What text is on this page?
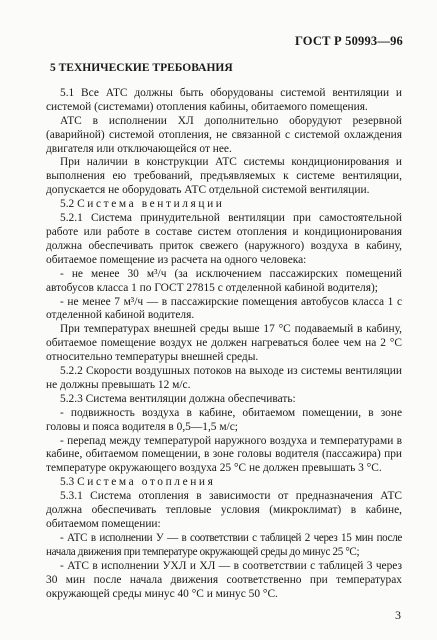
ГОСТ Р 50993—96
5 ТЕХНИЧЕСКИЕ ТРЕБОВАНИЯ

5.1 Все АТС должны быть оборудованы системой вентиляции и системой (системами) отопления кабины, обитаемого помещения.

АТС в исполнении ХЛ дополнительно оборудуют резервной (аварийной) системой отопления, не связанной с системой охлаждения двигателя или отключающейся от нее.

При наличии в конструкции АТС системы кондиционирования и выполнения ею требований, предъявляемых к системе вентиляции, допускается не оборудовать АТС отдельной системой вентиляции.

5.2 Система вентиляции

5.2.1 Система принудительной вентиляции при самостоятельной работе или работе в составе систем отопления и кондиционирования должна обеспечивать приток свежего (наружного) воздуха в кабину, обитаемое помещение из расчета на одного человека:

- не менее 30 м³/ч (за исключением пассажирских помещений автобусов класса 1 по ГОСТ 27815 с отделенной кабиной водителя);

- не менее 7 м³/ч — в пассажирские помещения автобусов класса 1 с отделенной кабиной водителя.

При температурах внешней среды выше 17 °С подаваемый в кабину, обитаемое помещение воздух не должен нагреваться более чем на 2 °С относительно температуры внешней среды.

5.2.2 Скорости воздушных потоков на выходе из системы вентиляции не должны превышать 12 м/с.

5.2.3 Система вентиляции должна обеспечивать:

- подвижность воздуха в кабине, обитаемом помещении, в зоне головы и пояса водителя в 0,5—1,5 м/с;

- перепад между температурой наружного воздуха и температурами в кабине, обитаемом помещении, в зоне головы водителя (пассажира) при температуре окружающего воздуха 25 °С не должен превышать 3 °С.

5.3 Система отопления

5.3.1 Система отопления в зависимости от предназначения АТС должна обеспечивать тепловые условия (микроклимат) в кабине, обитаемом помещении:

- АТС в исполнении У — в соответствии с таблицей 2 через 15 мин после начала движения при температуре окружающей среды до минус 25 °С;

- АТС в исполнении УХЛ и ХЛ — в соответствии с таблицей 3 через 30 мин после начала движения соответственно при температурах окружающей среды минус 40 °С и минус 50 °С.

3
